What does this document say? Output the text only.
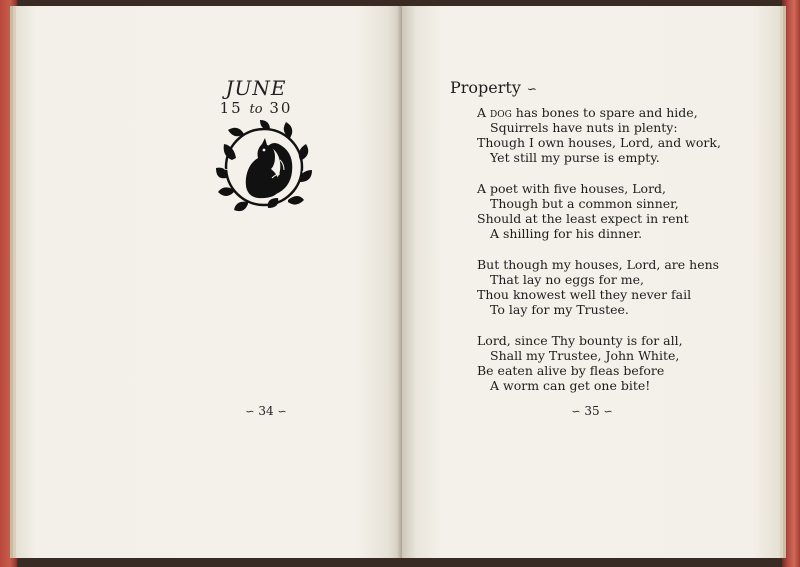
JUNE
15 to 30
∽ 34 ∽
Property ∽
A dog has bones to spare and hide,
Squirrels have nuts in plenty:
Though I own houses, Lord, and work,
Yet still my purse is empty.
A poet with five houses, Lord,
Though but a common sinner,
Should at the least expect in rent
A shilling for his dinner.
But though my houses, Lord, are hens
That lay no eggs for me,
Thou knowest well they never fail
To lay for my Trustee.
Lord, since Thy bounty is for all,
Shall my Trustee, John White,
Be eaten alive by fleas before
A worm can get one bite!
∽ 35 ∽
